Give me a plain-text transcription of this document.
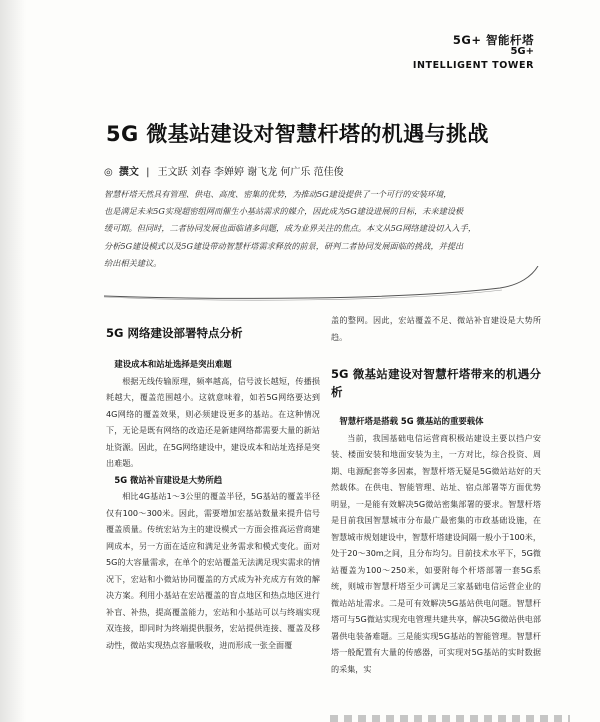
5G+ 智能杆塔
5G+
INTELLIGENT TOWER
5G 微基站建设对智慧杆塔的机遇与挑战
◎ 撰文 | 王文跃 刘春 李婵婷 谢飞龙 何广乐 范佳俊
智慧杆塔天然具有管理、供电、高度、密集的优势，为推动5G建设提供了一个可行的安装环境，
也是满足未来5G实现超密组网而催生小基站需求的媒介，因此成为5G建设进展的目标，未来建设极
缓可期。但同时，二者协同发展也面临诸多问题，成为业界关注的焦点。本文从5G网络建设切入入手，
分析5G建设模式以及5G建设带动智慧杆塔需求释放的前景，研判二者协同发展面临的挑战，并提出
给出相关建议。
5G 网络建设部署特点分析
建设成本和站址选择是突出难题

根据无线传输原理，频率越高，信号波长越短，传播损耗越大，覆盖范围越小。这就意味着，如若5G网络要达到4G网络的覆盖效果，则必须建设更多的基站。在这种情况下，无论是既有网络的改造还是新建网络都需要大量的新站址资源。因此，在5G网络建设中，建设成本和站址选择是突出难题。

5G 微站补盲建设是大势所趋

相比4G基站1～3公里的覆盖半径，5G基站的覆盖半径仅有100～300米。因此，需要增加宏基站数量来提升信号覆盖质量。传统宏站为主的建设模式一方面会推高运营商建网成本，另一方面在适应和满足业务需求和模式变化。面对5G的大容量需求，在单个的宏站覆盖无法满足现实需求的情况下，宏站和小微站协同覆盖的方式成为补充成方有效的解决方案。利用小基站在宏站覆盖的盲点地区和热点地区进行补盲、补热，提高覆盖能力，宏站和小基站可以与终端实现双连接，即同时为终端提供服务，宏站提供连接、覆盖及移动性，微站实现热点容量吸收，进而形成一张全面覆

盖的整网。因此，宏站覆盖不足、微站补盲建设是大势所趋。

5G 微基站建设对智慧杆塔带来的机遇分析
智慧杆塔是搭载 5G 微基站的重要载体

当前，我国基础电信运营商积极站建设主要以挡户安装、楼面安装和地面安装为主，一方对比，综合投资、周期、电源配套等多因素，智慧杆塔无疑是5G微站站好的天然载体。在供电、智能管理、站址、宿点部署等方面优势明显，一是能有效解决5G微站密集部署的要求。智慧杆塔是目前我国智慧城市分布最广最密集的市政基础设施，在智慧城市规划建设中，智慧杆塔建设间隔一般小于100米，处于20～30m之间，且分布均匀。目前技术水平下，5G微站覆盖为100～250米，如要附每个杆塔部署一套5G系统，则城市智慧杆塔至少可满足三家基础电信运营企业的微站站址需求。二是可有效解决5G基站供电问题。智慧杆塔可与5G微站实现充电管理共建共享，解决5G微站供电部署供电装备难题。三是能实现5G基站的智能管理。智慧杆塔一般配置有大量的传感器，可实现对5G基站的实时数据的采集，实
